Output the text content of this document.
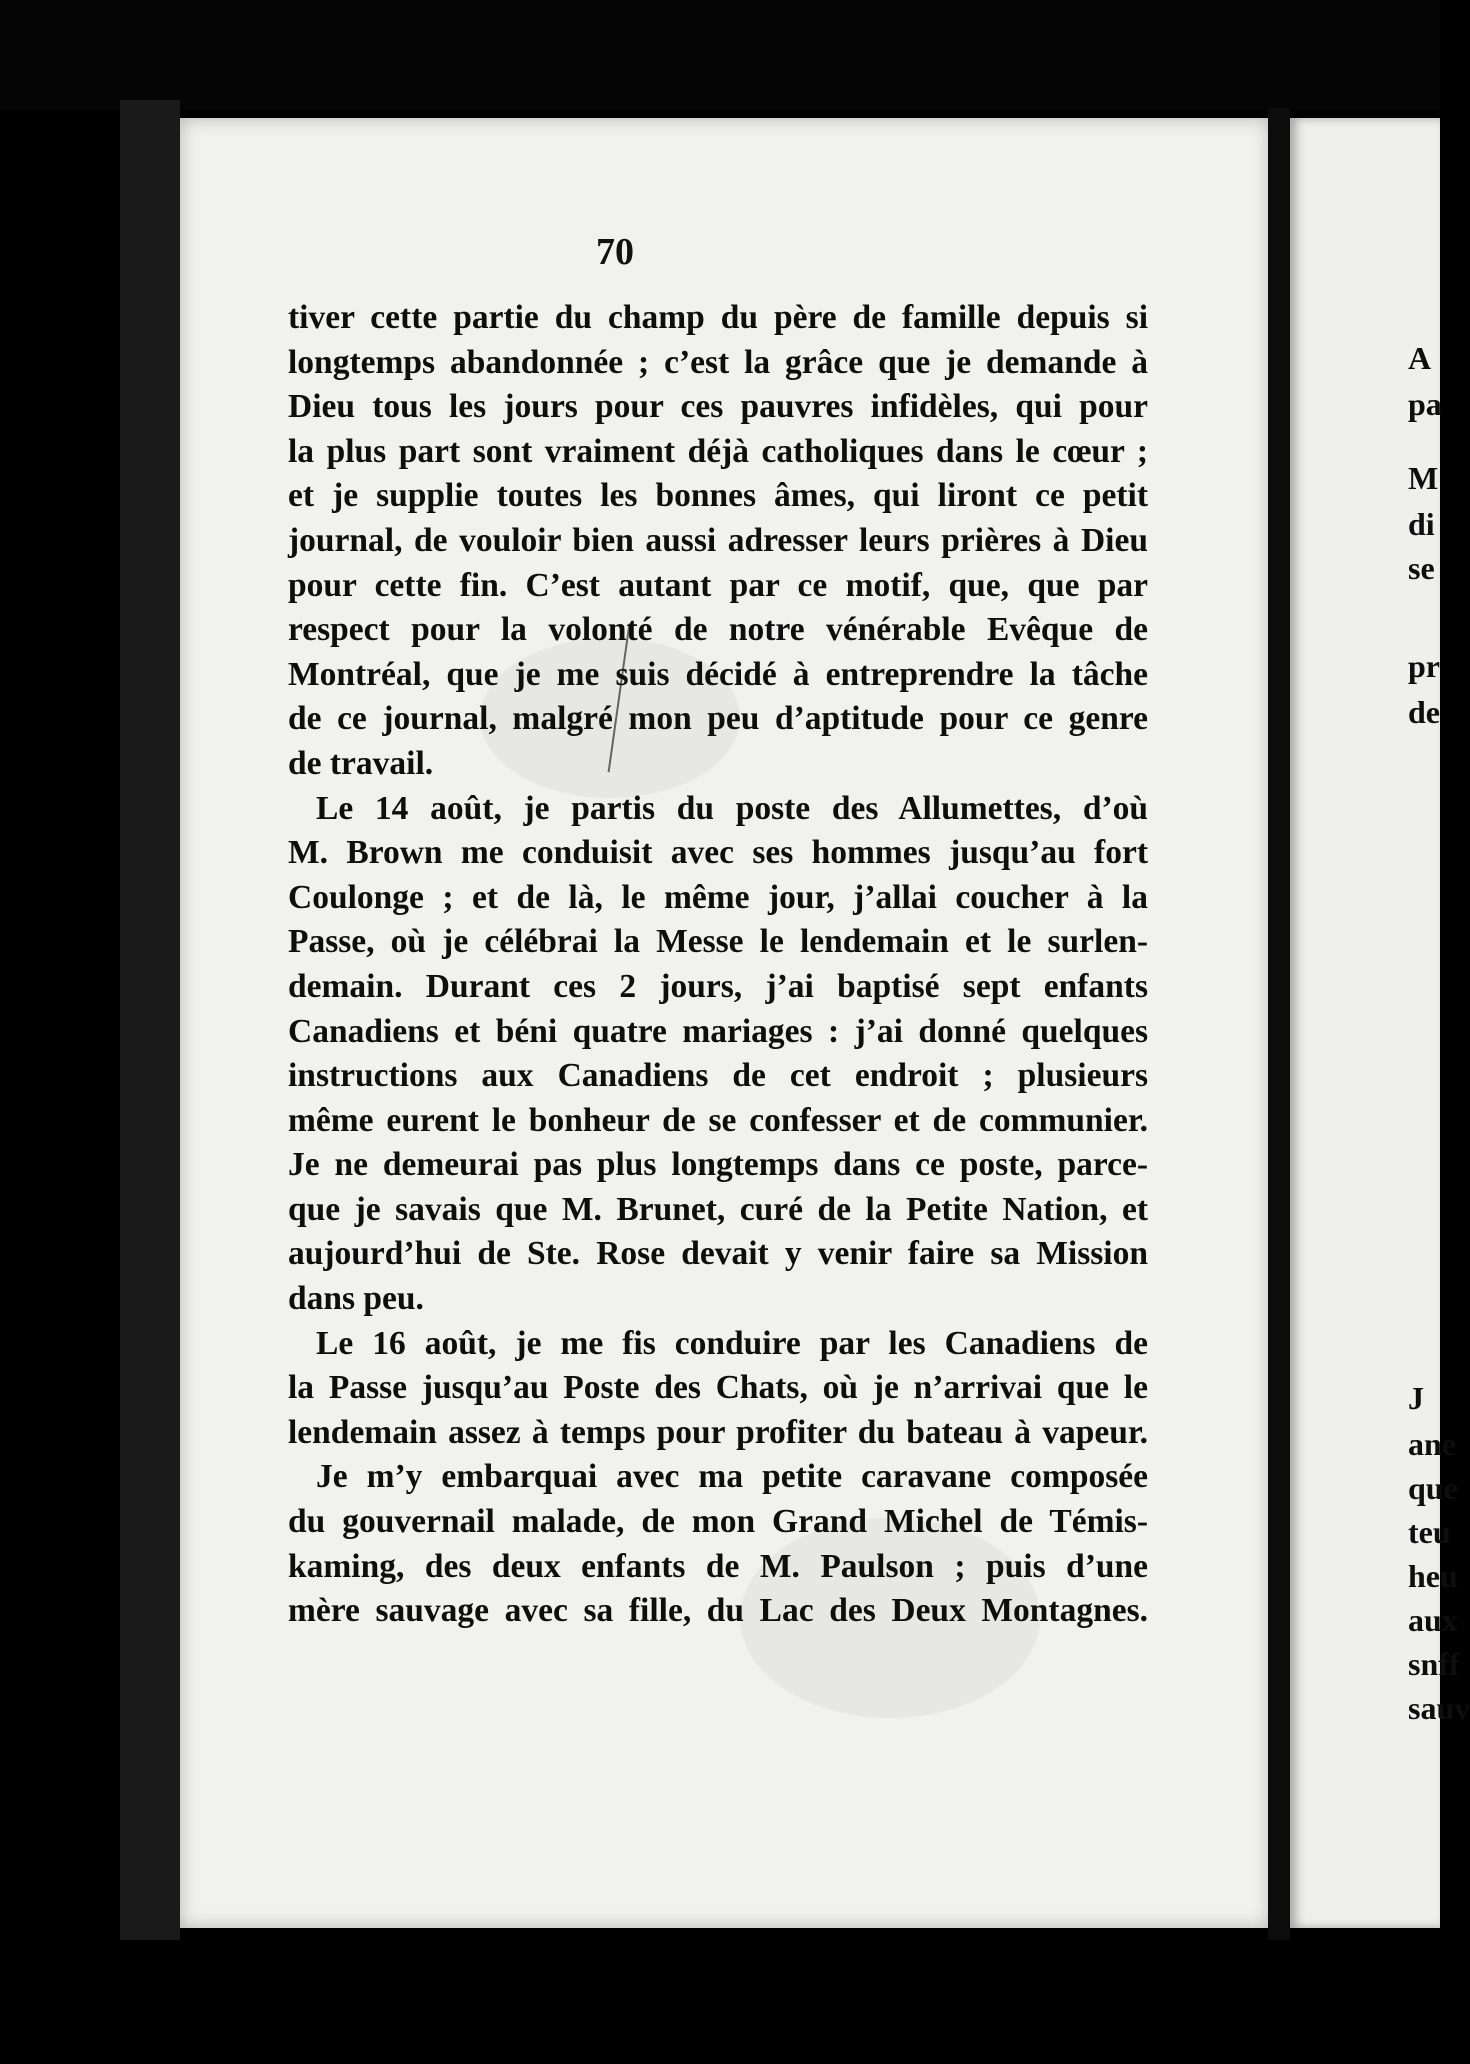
70
tiver cette partie du champ du père de famille depuis si
longtemps abandonnée ; c’est la grâce que je demande à
Dieu tous les jours pour ces pauvres infidèles, qui pour
la plus part sont vraiment déjà catholiques dans le cœur ;
et je supplie toutes les bonnes âmes, qui liront ce petit
journal, de vouloir bien aussi adresser leurs prières à Dieu
pour cette fin. C’est autant par ce motif, que, que par
respect pour la volonté de notre vénérable Evêque de
Montréal, que je me suis décidé à entreprendre la tâche
de ce journal, malgré mon peu d’aptitude pour ce genre
de travail.
Le 14 août, je partis du poste des Allumettes, d’où
M. Brown me conduisit avec ses hommes jusqu’au fort
Coulonge ; et de là, le même jour, j’allai coucher à la
Passe, où je célébrai la Messe le lendemain et le surlen-
demain. Durant ces 2 jours, j’ai baptisé sept enfants
Canadiens et béni quatre mariages : j’ai donné quelques
instructions aux Canadiens de cet endroit ; plusieurs
même eurent le bonheur de se confesser et de communier.
Je ne demeurai pas plus longtemps dans ce poste, parce-
que je savais que M. Brunet, curé de la Petite Nation, et
aujourd’hui de Ste. Rose devait y venir faire sa Mission
dans peu.
Le 16 août, je me fis conduire par les Canadiens de
la Passe jusqu’au Poste des Chats, où je n’arrivai que le
lendemain assez à temps pour profiter du bateau à vapeur.
Je m’y embarquai avec ma petite caravane composée
du gouvernail malade, de mon Grand Michel de Témis-
kaming, des deux enfants de M. Paulson ; puis d’une
mère sauvage avec sa fille, du Lac des Deux Montagnes.
A
pa
M
di
se
pr
de
J
ane
que
teu
heu
aux
snff
sauv
